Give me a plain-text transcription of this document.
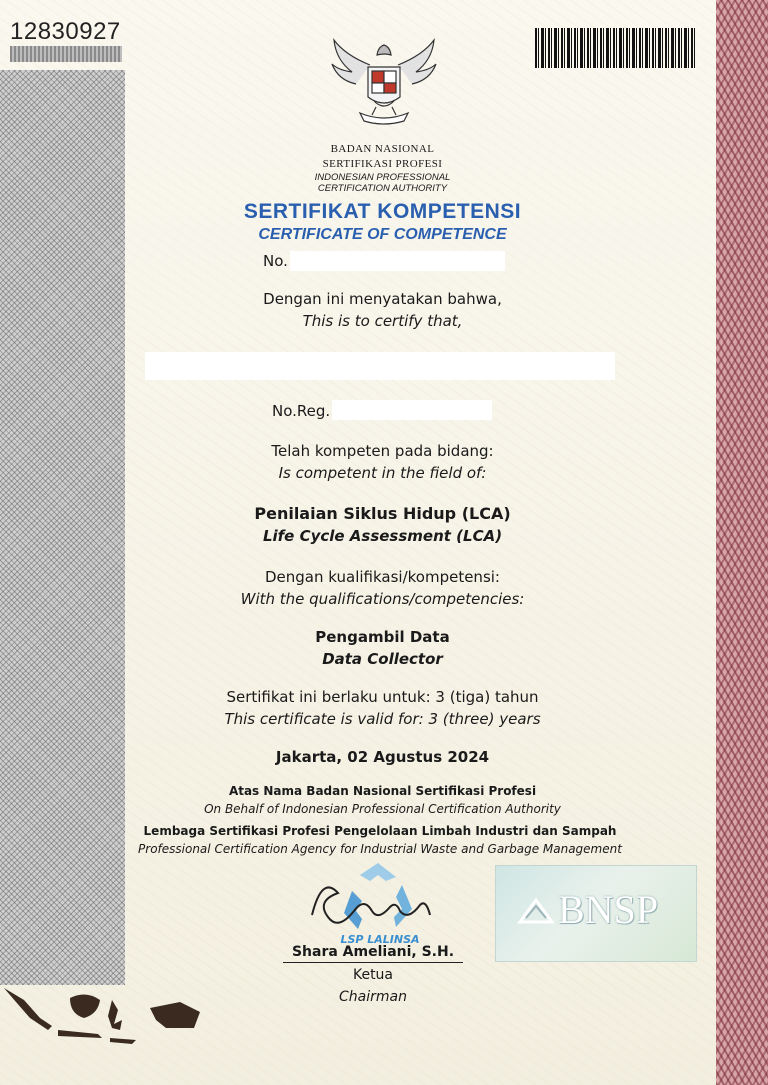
12830927
BADAN NASIONAL
SERTIFIKASI PROFESI
INDONESIAN PROFESSIONAL
CERTIFICATION AUTHORITY
SERTIFIKAT KOMPETENSI
CERTIFICATE OF COMPETENCE
No.
Dengan ini menyatakan bahwa,
This is to certify that,
No.Reg.
Telah kompeten pada bidang:
Is competent in the field of:
Penilaian Siklus Hidup (LCA)
Life Cycle Assessment (LCA)
Dengan kualifikasi/kompetensi:
With the qualifications/competencies:
Pengambil Data
Data Collector
Sertifikat ini berlaku untuk: 3 (tiga) tahun
This certificate is valid for: 3 (three) years
Jakarta, 02 Agustus 2024
Atas Nama Badan Nasional Sertifikasi Profesi
On Behalf of Indonesian Professional Certification Authority
Lembaga Sertifikasi Profesi Pengelolaan Limbah Industri dan Sampah
Professional Certification Agency for Industrial Waste and Garbage Management
LSP LALINSA
Shara Ameliani, S.H.
Ketua
Chairman
BNSP
